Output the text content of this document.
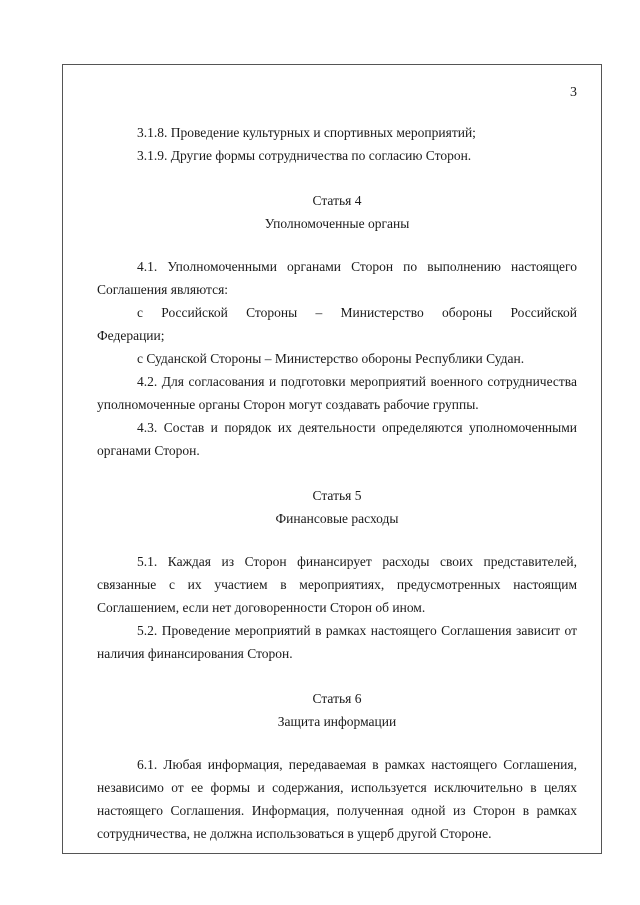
3

3.1.8. Проведение культурных и спортивных мероприятий;

3.1.9. Другие формы сотрудничества по согласию Сторон.

Статья 4

Уполномоченные органы

4.1. Уполномоченными органами Сторон по выполнению настоящего Соглашения являются:

с Российской Стороны – Министерство обороны Российской

Федерации;

с Суданской Стороны – Министерство обороны Республики Судан.

4.2. Для согласования и подготовки мероприятий военного сотрудничества уполномоченные органы Сторон могут создавать рабочие группы.

4.3. Состав и порядок их деятельности определяются уполномоченными органами Сторон.

Статья 5

Финансовые расходы

5.1. Каждая из Сторон финансирует расходы своих представителей, связанные с их участием в мероприятиях, предусмотренных настоящим Соглашением, если нет договоренности Сторон об ином.

5.2. Проведение мероприятий в рамках настоящего Соглашения зависит от наличия финансирования Сторон.

Статья 6

Защита информации

6.1. Любая информация, передаваемая в рамках настоящего Соглашения, независимо от ее формы и содержания, используется исключительно в целях настоящего Соглашения. Информация, полученная одной из Сторон в рамках сотрудничества, не должна использоваться в ущерб другой Стороне.
